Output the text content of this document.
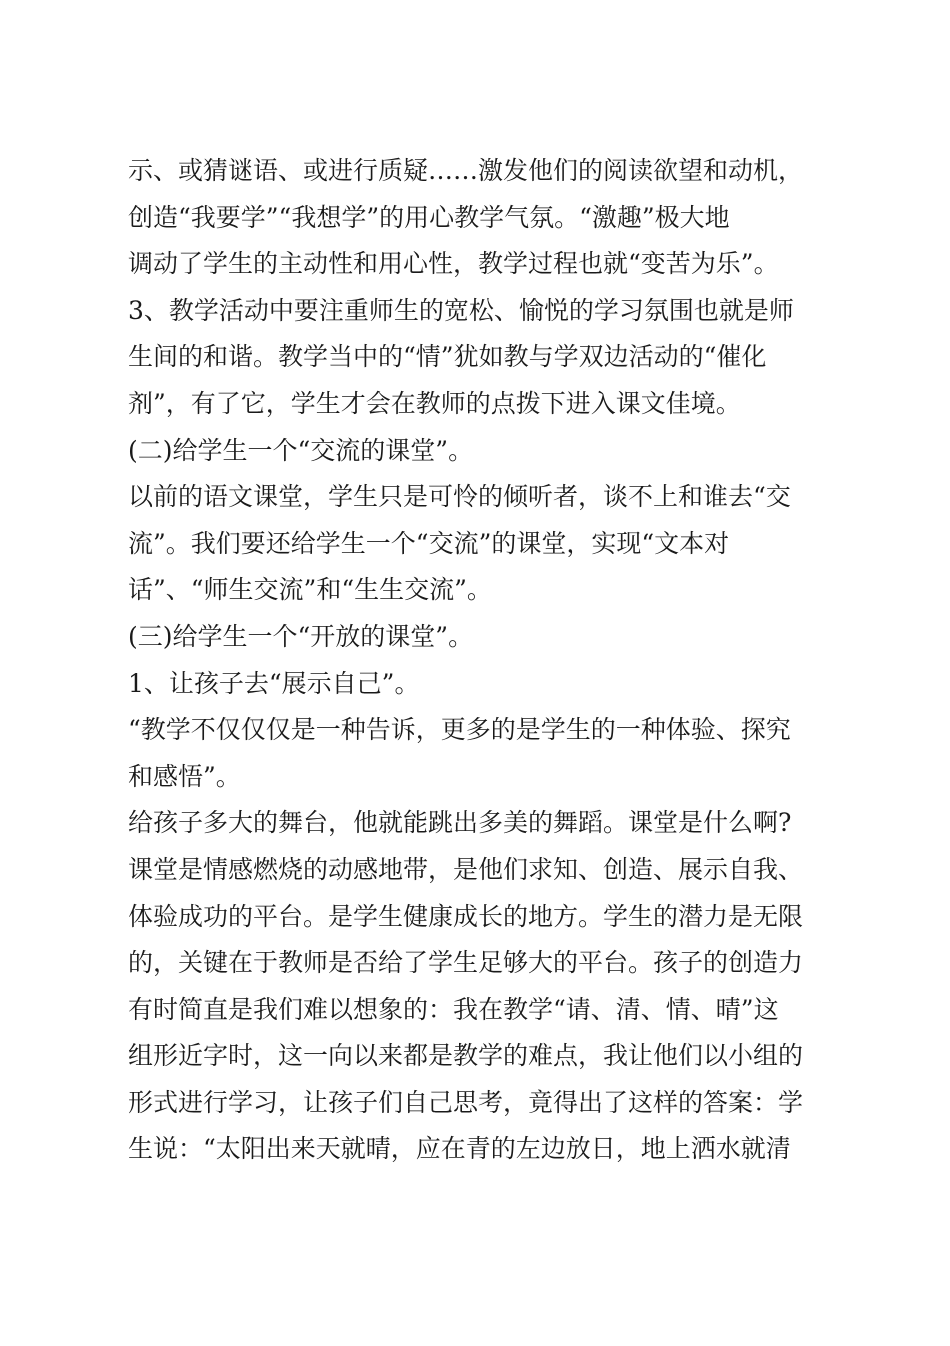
示、或猜谜语、或进行质疑……激发他们的阅读欲望和动机，
创造“我要学”“我想学”的用心教学气氛。“激趣”极大地
调动了学生的主动性和用心性，教学过程也就“变苦为乐”。
3、教学活动中要注重师生的宽松、愉悦的学习氛围也就是师
生间的和谐。教学当中的“情”犹如教与学双边活动的“催化
剂”，有了它，学生才会在教师的点拨下进入课文佳境。
(二)给学生一个“交流的课堂”。
以前的语文课堂，学生只是可怜的倾听者，谈不上和谁去“交
流”。我们要还给学生一个“交流”的课堂，实现“文本对
话”、“师生交流”和“生生交流”。
(三)给学生一个“开放的课堂”。
1、让孩子去“展示自己”。
“教学不仅仅仅是一种告诉，更多的是学生的一种体验、探究
和感悟”。
给孩子多大的舞台，他就能跳出多美的舞蹈。课堂是什么啊?
课堂是情感燃烧的动感地带，是他们求知、创造、展示自我、
体验成功的平台。是学生健康成长的地方。学生的潜力是无限
的，关键在于教师是否给了学生足够大的平台。孩子的创造力
有时简直是我们难以想象的：我在教学“请、清、情、晴”这
组形近字时，这一向以来都是教学的难点，我让他们以小组的
形式进行学习，让孩子们自己思考，竟得出了这样的答案：学
生说：“太阳出来天就晴，应在青的左边放日，地上洒水就清
